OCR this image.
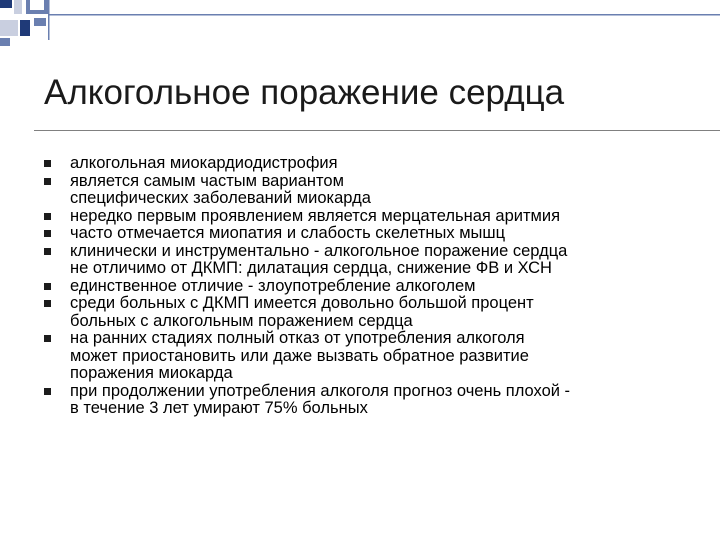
Алкогольное поражение сердца
алкогольная миокардиодистрофия
является самым частым вариантом
специфических заболеваний миокарда
нередко первым проявлением является мерцательная аритмия
часто отмечается миопатия и слабость скелетных мышц
клинически и инструментально - алкогольное поражение сердца
не отличимо от ДКМП: дилатация сердца, снижение ФВ и ХСН
единственное отличие - злоупотребление алкоголем
среди больных с ДКМП имеется довольно большой процент
больных с алкогольным поражением сердца
на ранних стадиях полный отказ от употребления алкоголя
может приостановить или даже вызвать обратное развитие
поражения миокарда
при продолжении употребления алкоголя прогноз очень плохой -
в течение 3 лет умирают 75% больных
